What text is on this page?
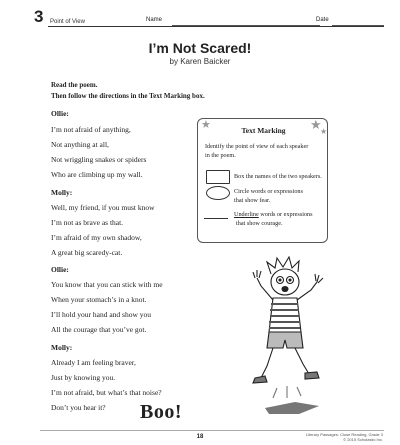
3 Point of View	Name	Date
I’m Not Scared!
by Karen Baicker
Read the poem.
Then follow the directions in the Text Marking box.
Ollie:
I’m not afraid of anything,
Not anything at all,
Not wriggling snakes or spiders
Who are climbing up my wall.
Molly:
Well, my friend, if you must know
I’m not as brave as that.
I’m afraid of my own shadow,
A great big scaredy-cat.
Ollie:
You know that you can stick with me
When your stomach’s in a knot.
I’ll hold your hand and show you
All the courage that you’ve got.
Molly:
Already I am feeling braver,
Just by knowing you.
I’m not afraid, but what’s that noise?
Don’t you hear it?
Text Marking
★	★
★
Identify the point of view of each speaker
in the poem.
Box the names of the two speakers.
Circle words or expressions
that show fear.
Underline words or expressions
that show courage.
Boo!
18	Literary Passages: Close Reading, Grade 3
© 2015 Scholastic Inc.
